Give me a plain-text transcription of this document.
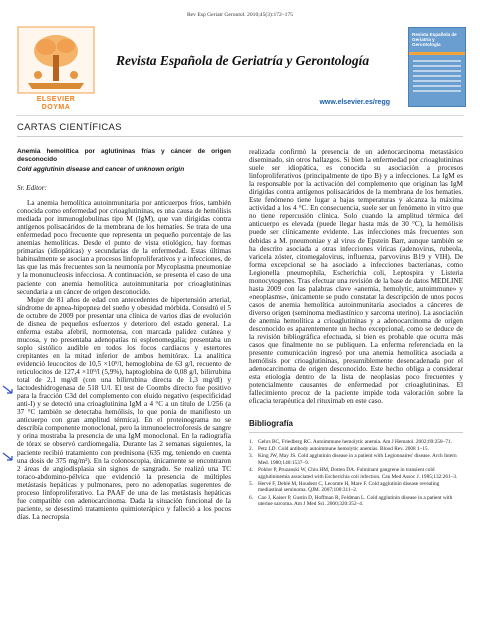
Rev Esp Geriatr Gerontol. 2010;45(3):172–175
ELSEVIER
DOYMA
Revista Española de Geriatría y Gerontología
www.elsevier.es/regg
Revista Española de Geriatría y Gerontología
CARTAS CIENTÍFICAS
Anemia hemolítica por aglutininas frías y cáncer de origen desconocido
Cold agglutinin disease and cancer of unknown origin
Sr. Editor:

La anemia hemolítica autoinmunitaria por anticuerpos fríos, también conocida como enfermedad por crioaglutininas, es una causa de hemólisis mediada por inmunoglobulinas tipo M (IgM), que van dirigidas contra antígenos polisacáridos de la membrana de los hematíes. Se trata de una enfermedad poco frecuente que representa un pequeño porcentaje de las anemias hemolíticas. Desde el punto de vista etiológico, hay formas primarias (idiopáticas) y secundarias de la enfermedad. Estas últimas habitualmente se asocian a procesos linfoproliferativos y a infecciones, de las que las más frecuentes son la neumonía por Mycoplasma pneumoniae y la mononucleosis infecciosa. A continuación, se presenta el caso de una paciente con anemia hemolítica autoinmunitaria por crioaglutininas secundaria a un cáncer de origen desconocido.

Mujer de 81 años de edad con antecedentes de hipertensión arterial, síndrome de apnea-hipopnea del sueño y obesidad mórbida. Consultó el 5 de octubre de 2009 por presentar una clínica de varios días de evolución de disnea de pequeños esfuerzos y deterioro del estado general. La enferma estaba afebril, normotensa, con marcada palidez cutánea y mucosa, y no presentaba adenopatías ni esplenomegalia; presentaba un soplo sistólico audible en todos los focos cardíacos y estertores crepitantes en la mitad inferior de ambos hemitórax. La analítica evidenció leucocitos de 10,5 ×10⁹/l, hemoglobina de 63 g/l, recuento de reticulocitos de 127,4 ×10⁹/l (5,9%), haptoglobina de 0,08 g/l, bilirrubina total de 2,1 mg/dl (con una bilirrubina directa de 1,3 mg/dl) y lactodeshidrogenasa de 518 U/l. El test de Coombs directo fue positivo para la fracción C3d del complemento con eluido negativo (especificidad anti-I) y se detectó una crioaglutinina IgM a 4 °C a un título de 1/256 (a 37 °C también se detectaba hemólisis, lo que ponía de manifiesto un anticuerpo con gran amplitud térmica). En el proteinograma no se describía componente monoclonal, pero la inmunoelectroforesis de sangre y orina mostraba la presencia de una IgM monoclonal. En la radiografía de tórax se observó cardiomegalia. Durante las 2 semanas siguientes, la paciente recibió tratamiento con prednisona (635 mg, teniendo en cuenta una dosis de 375 mg/m²). En la colonoscopia, únicamente se encontraron 2 áreas de angiodisplasia sin signos de sangrado. Se realizó una TC toraco-abdomino-pélvica que evidenció la presencia de múltiples metástasis hepáticas y pulmonares, pero no adenopatías sugerentes de proceso linfoproliferativo. La PAAF de una de las metástasis hepáticas fue compatible con adenocarcinoma. Dada la situación funcional de la paciente, se desestimó tratamiento quimioterápico y falleció a los pocos días. La necropsia

realizada confirmó la presencia de un adenocarcinoma metastásico diseminado, sin otros hallazgos. Si bien la enfermedad por crioaglutininas suele ser idiopática, es conocida su asociación a procesos linfoproliferativos (principalmente de tipo B) y a infecciones. La IgM es la responsable por la activación del complemento que originan las IgM dirigidas contra antígenos polisacáridos de la membrana de los hematíes. Este fenómeno tiene lugar a bajas temperaturas y alcanza la máxima actividad a los 4 °C. En consecuencia, suele ser un fenómeno in vitro que no tiene repercusión clínica. Solo cuando la amplitud térmica del anticuerpo es elevada (puede llegar hasta más de 30 °C), la hemólisis puede ser clínicamente evidente. Las infecciones más frecuentes son debidas a M. pneumoniae y al virus de Epstein Barr, aunque también se ha descrito asociada a otras infecciones víricas (adenovirus, rubeola, varicela zóster, citomegalovirus, influenza, parvovirus B19 y VIH). De forma excepcional se ha asociado a infecciones bacterianas, como Legionella pneumophila, Escherichia coli, Leptospira y Listeria monocytogenes. Tras efectuar una revisión de la base de datos MEDLINE hasta 2009 con las palabras clave «anemia, hemolytic, autoimmune» y «neoplasms», únicamente se pudo constatar la descripción de unos pocos casos de anemia hemolítica autoinmunitaria asociados a cánceres de diverso origen (seminoma mediastínico y sarcoma uterino). La asociación de anemia hemolítica a crioaglutininas y a adenocarcinoma de origen desconocido es aparentemente un hecho excepcional, como se deduce de la revisión bibliográfica efectuada, si bien es probable que ocurra más casos que finalmente no se publiquen. La enferma referenciada en la presente comunicación ingresó por una anemia hemolítica asociada a hemólisis por crioaglutininas, presumiblemente desencadenada por el adenocarcinoma de origen desconocido. Este hecho obliga a considerar esta etiología dentro de la lista de neoplasias poco frecuentes y potencialmente causantes de enfermedad por crioaglutininas. El fallecimiento precoz de la paciente impide toda valoración sobre la eficacia terapéutica del rituximab en este caso.

Bibliografía
1. Gehrs BC, Friedberg RC. Autoimmune hemolytic anemia. Am J Hematol. 2002;69:258–71.
2. Petz LD. Cold antibody autoimmune hemolytic anemias. Blood Rev. 2008 1–15.
3. King JW, May JS. Cold agglutinin disease in a patient with Legionnaires' disease. Arch Intern Med. 1980;140:1537–9.
4. Pohlor P, Pruzanski W, Chiu HM, Dotten DA. Fulminant gangrene in transient cold agglutininemia associated with Escherichia coli infection. Can Med Assoc J. 1985;132:261–3.
5. Hervé F, Deblé M, Houdent C, Lecomte H, Mare F. Cold agglutinin disease revealing mediastinal seminoma. QJM. 2007;100:311–2.
6. Cao J, Kaiser P, Gustin D, Hoffman R, Feldman L. Cold agglutinin disease in a patient with uterine sarcoma. Am J Med Sci. 2000;320:352–4.
